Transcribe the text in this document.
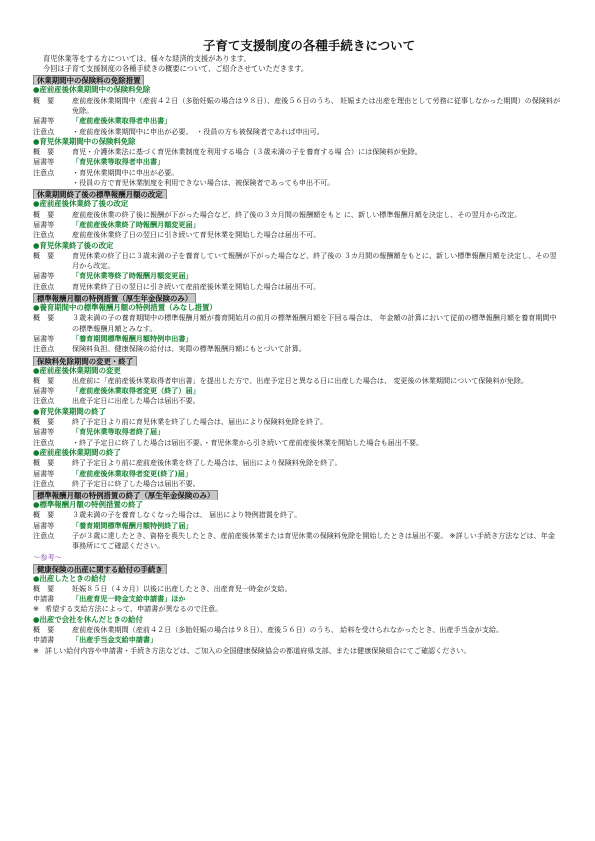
子育て支援制度の各種手続きについて
育児休業等をする方については、様々な経済的支援があります。
今回は子育て支援制度の各種手続きの概要について、ご紹介させていただきます。
休業期間中の保険料の免除措置
●産前産後休業期間中の保険料免除
概　要	産前産後休業期間中（産前４２日（多胎妊娠の場合は９８日）、産後５６日のうち、 妊娠または出産を理由として労務に従事しなかった期間）の保険料が免除。
届書等	「産前産後休業取得者申出書」
注意点	・産前産後休業期間中に申出が必要。　・役員の方も被保険者であれば申出可。
●育児休業期間中の保険料免除
概　要	育児・介護休業法に基づく育児休業制度を利用する場合（３歳未満の子を養育する場 合）には保険料が免除。
届書等	「育児休業等取得者申出書」
注意点	・育児休業期間中に申出が必要。
・役員の方で育児休業制度を利用できない場合は、被保険者であっても申出不可。
休業期間終了後の標準報酬月額の改定
●産前産後休業終了後の改定
概　要	産前産後休業の終了後に報酬が下がった場合など、終了後の３カ月間の報酬額をもと に、新しい標準報酬月額を決定し、その翌月から改定。
届書等	「産前産後休業終了時報酬月額変更届」
注意点	産前産後休業終了日の翌日に引き続いて育児休業を開始した場合は届出不可。
●育児休業終了後の改定
概　要	育児休業の終了日に３歳未満の子を養育していて報酬が下がった場合など、終了後の ３カ月間の報酬額をもとに、新しい標準報酬月額を決定し、その翌月から改定。
届書等	「育児休業等終了時報酬月額変更届」
注意点	育児休業終了日の翌日に引き続いて産前産後休業を開始した場合は届出不可。
標準報酬月額の特例措置（厚生年金保険のみ）
●養育期間中の標準報酬月額の特例措置（みなし措置）
概　要	３歳未満の子の養育期間中の標準報酬月額が養育開始月の前月の標準報酬月額を下回る場合は、 年金額の計算において従前の標準報酬月額を養育期間中の標準報酬月額とみなす。
届書等	「養育期間標準報酬月額特例申出書」
注意点	保険料負担、健康保険の給付は、実際の標準報酬月額にもとづいて計算。
保険料免除期間の変更・終了
●産前産後休業期間の変更
概　要	出産前に「産前産後休業取得者申出書」を提出した方で、出産予定日と異なる日に出産した場合は、 変更後の休業期間について保険料が免除。
届書等	「産前産後休業取得者変更（終了）届」
注意点	出産予定日に出産した場合は届出不要。
●育児休業期間の終了
概　要	終了予定日より前に育児休業を終了した場合は、届出により保険料免除を終了。
届書等	「育児休業等取得者終了届」
注意点	・終了予定日に終了した場合は届出不要。・育児休業から引き続いて産前産後休業を開始した場合も届出不要。
●産前産後休業期間の終了
概　要	終了予定日より前に産前産後休業を終了した場合は、届出により保険料免除を終了。
届書等	「産前産後休業取得者変更(終了)届」
注意点	終了予定日に終了した場合は届出不要。
標準報酬月額の特例措置の終了（厚生年金保険のみ）
●標準報酬月額の特例措置の終了
概　要	３歳未満の子を養育しなくなった場合は、 届出により特例措置を終了。
届書等	「養育期間標準報酬月額特例終了届」
注意点	子が３歳に達したとき、資格を喪失したとき、産前産後休業または育児休業の保険料免除を開始したときは届出不要。 ※詳しい手続き方法などは、年金事務所にてご確認ください。
～参考～
健康保険の出産に関する給付の手続き
●出産したときの給付
概　要	妊娠８５日（４カ月）以後に出産したとき、出産育児一時金が支給。
申請書	「出産育児一時金支給申請書」ほか
※ 希望する支給方法によって、申請書が異なるので注意。
●出産で会社を休んだときの給付
概　要	産前産後休業期間（産前４２日（多胎妊娠の場合は９８日）、産後５６日）のうち、 給料を受けられなかったとき、出産手当金が支給。
申請書	「出産手当金支給申請書」
※ 詳しい給付内容や申請書・手続き方法などは、ご加入の全国健康保険協会の都道府県支部、または健康保険組合にてご確認ください。
